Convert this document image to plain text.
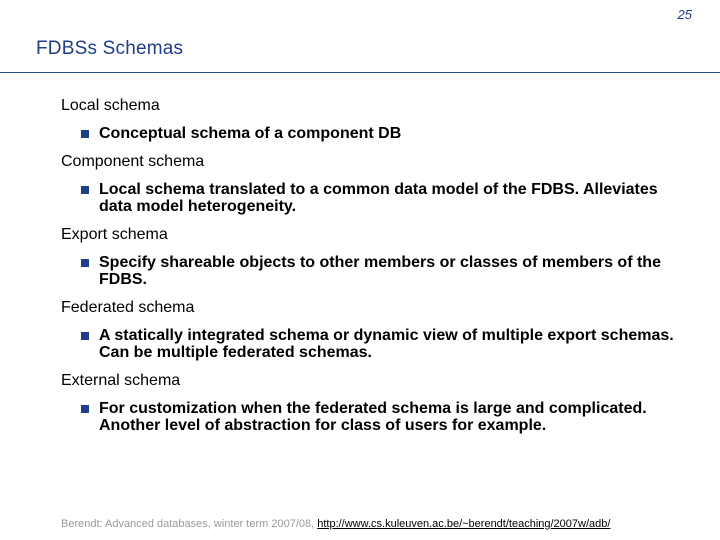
25
FDBSs Schemas
Local schema
Conceptual schema of a component DB
Component schema
Local schema translated to a common data model of the FDBS. Alleviates data model heterogeneity.
Export schema
Specify shareable objects to other members or classes of members of the FDBS.
Federated schema
A statically integrated schema or dynamic view of multiple export schemas. Can be multiple federated schemas.
External schema
For customization when the federated schema is large and complicated. Another level of abstraction for class of users for example.
Berendt: Advanced databases, winter term 2007/08, http://www.cs.kuleuven.ac.be/~berendt/teaching/2007w/adb/
